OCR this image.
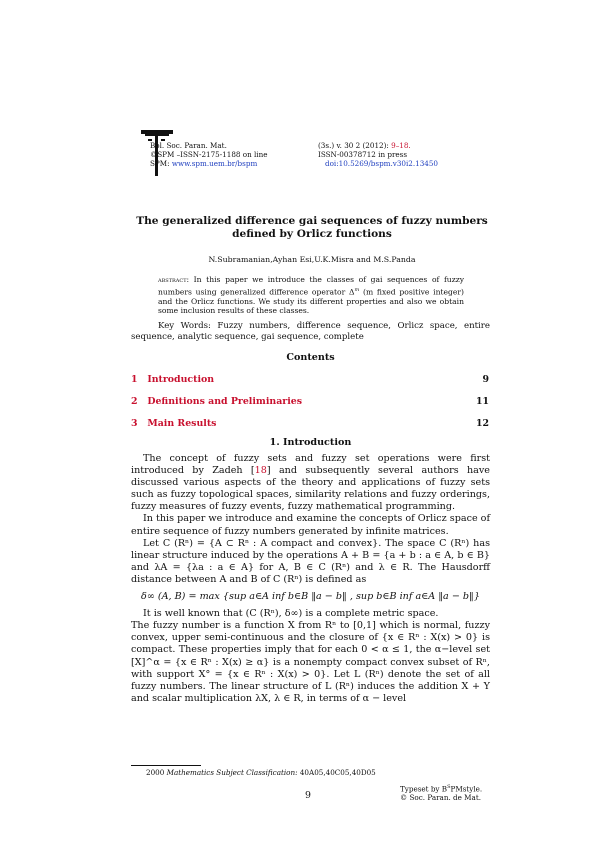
Bol. Soc. Paran. Mat.
©SPM –ISSN-2175-1188 on line
SPM: www.spm.uem.br/bspm
(3s.) v. 30 2 (2012): 9–18.
ISSN-00378712 in press
doi:10.5269/bspm.v30i2.13450
The generalized difference gai sequences of fuzzy numbers defined by Orlicz functions
N.Subramanian,Ayhan Esi,U.K.Misra and M.S.Panda
abstract: In this paper we introduce the classes of gai sequences of fuzzy numbers using generalized difference operator $\Delta^m$ (m fixed positive integer) and the Orlicz functions. We study its different properties and also we obtain some inclusion results of these classes.
Key Words: Fuzzy numbers, difference sequence, Orlicz space, entire sequence, analytic sequence, gai sequence, complete
Contents
1 Introduction	9
2 Definitions and Preliminaries	11
3 Main Results	12
1. Introduction

The concept of fuzzy sets and fuzzy set operations were first introduced by Zadeh [18] and subsequently several authors have discussed various aspects of the theory and applications of fuzzy sets such as fuzzy topological spaces, similarity relations and fuzzy orderings, fuzzy measures of fuzzy events, fuzzy mathematical programming.

In this paper we introduce and examine the concepts of Orlicz space of entire sequence of fuzzy numbers generated by infinite matrices.

Let C (Rⁿ) = {A ⊂ Rⁿ : A compact and convex}. The space C (Rⁿ) has linear structure induced by the operations A + B = {a + b : a ∈ A, b ∈ B} and λA = {λa : a ∈ A} for A, B ∈ C (Rⁿ) and λ ∈ R. The Hausdorff distance between A and B of C (Rⁿ) is defined as

δ∞ (A, B) = max {sup a∈A inf b∈B ‖a − b‖ , sup b∈B inf a∈A ‖a − b‖}

It is well known that (C (Rⁿ), δ∞) is a complete metric space.

The fuzzy number is a function X from Rⁿ to [0,1] which is normal, fuzzy convex, upper semi-continuous and the closure of {x ∈ Rⁿ : X(x) > 0} is compact. These properties imply that for each 0 < α ≤ 1, the α−level set [X]^α = {x ∈ Rⁿ : X(x) ≥ α} is a nonempty compact convex subset of Rⁿ, with support X° = {x ∈ Rⁿ : X(x) > 0}. Let L (Rⁿ) denote the set of all fuzzy numbers. The linear structure of L (Rⁿ) induces the addition X + Y and scalar multiplication λX, λ ∈ R, in terms of α − level

2000 Mathematics Subject Classification: 40A05,40C05,40D05
9
Typeset by $B^SPMstyle$.
© Soc. Paran. de Mat.
